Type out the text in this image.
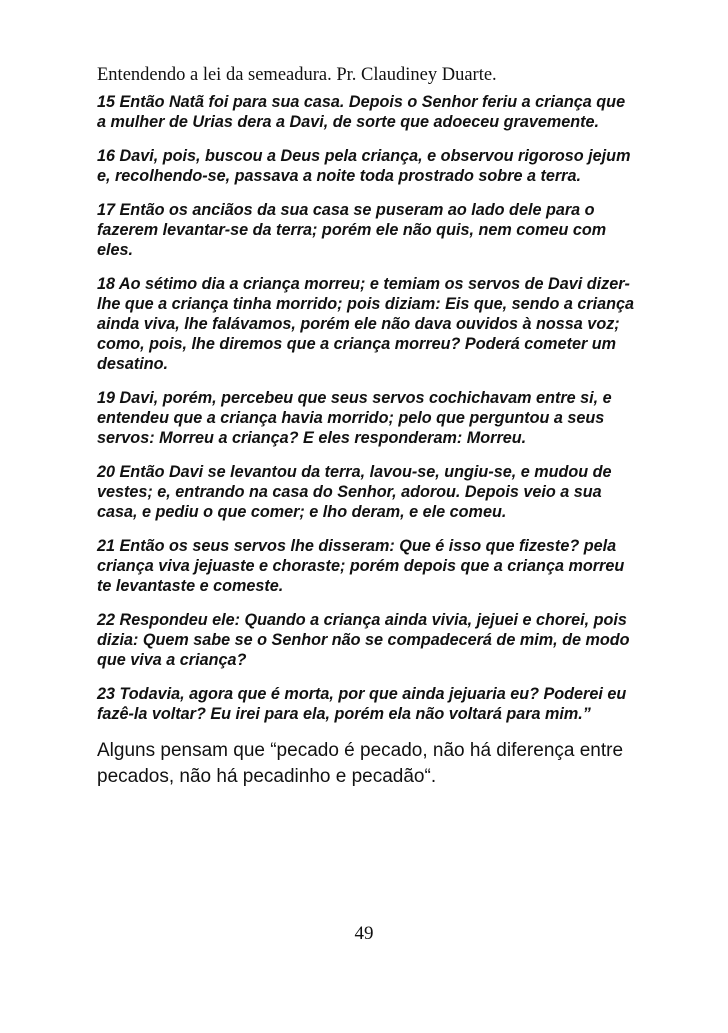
Entendendo a lei da semeadura. Pr. Claudiney Duarte.

15 Então Natã foi para sua casa. Depois o Senhor feriu a criança que a mulher de Urias dera a Davi, de sorte que adoeceu gravemente.

16 Davi, pois, buscou a Deus pela criança, e observou rigoroso jejum e, recolhendo-se, passava a noite toda prostrado sobre a terra.

17 Então os anciãos da sua casa se puseram ao lado dele para o fazerem levantar-se da terra; porém ele não quis, nem comeu com eles.

18 Ao sétimo dia a criança morreu; e temiam os servos de Davi dizer-lhe que a criança tinha morrido; pois diziam: Eis que, sendo a criança ainda viva, lhe falávamos, porém ele não dava ouvidos à nossa voz; como, pois, lhe diremos que a criança morreu? Poderá cometer um desatino.

19 Davi, porém, percebeu que seus servos cochichavam entre si, e entendeu que a criança havia morrido; pelo que perguntou a seus servos: Morreu a criança? E eles responderam: Morreu.

20 Então Davi se levantou da terra, lavou-se, ungiu-se, e mudou de vestes; e, entrando na casa do Senhor, adorou. Depois veio a sua casa, e pediu o que comer; e lho deram, e ele comeu.

21 Então os seus servos lhe disseram: Que é isso que fizeste? pela criança viva jejuaste e choraste; porém depois que a criança morreu te levantaste e comeste.

22 Respondeu ele: Quando a criança ainda vivia, jejuei e chorei, pois dizia: Quem sabe se o Senhor não se compadecerá de mim, de modo que viva a criança?

23 Todavia, agora que é morta, por que ainda jejuaria eu? Poderei eu fazê-la voltar? Eu irei para ela, porém ela não voltará para mim.”

Alguns pensam que “pecado é pecado, não há diferença entre pecados, não há pecadinho e pecadão“.

49
